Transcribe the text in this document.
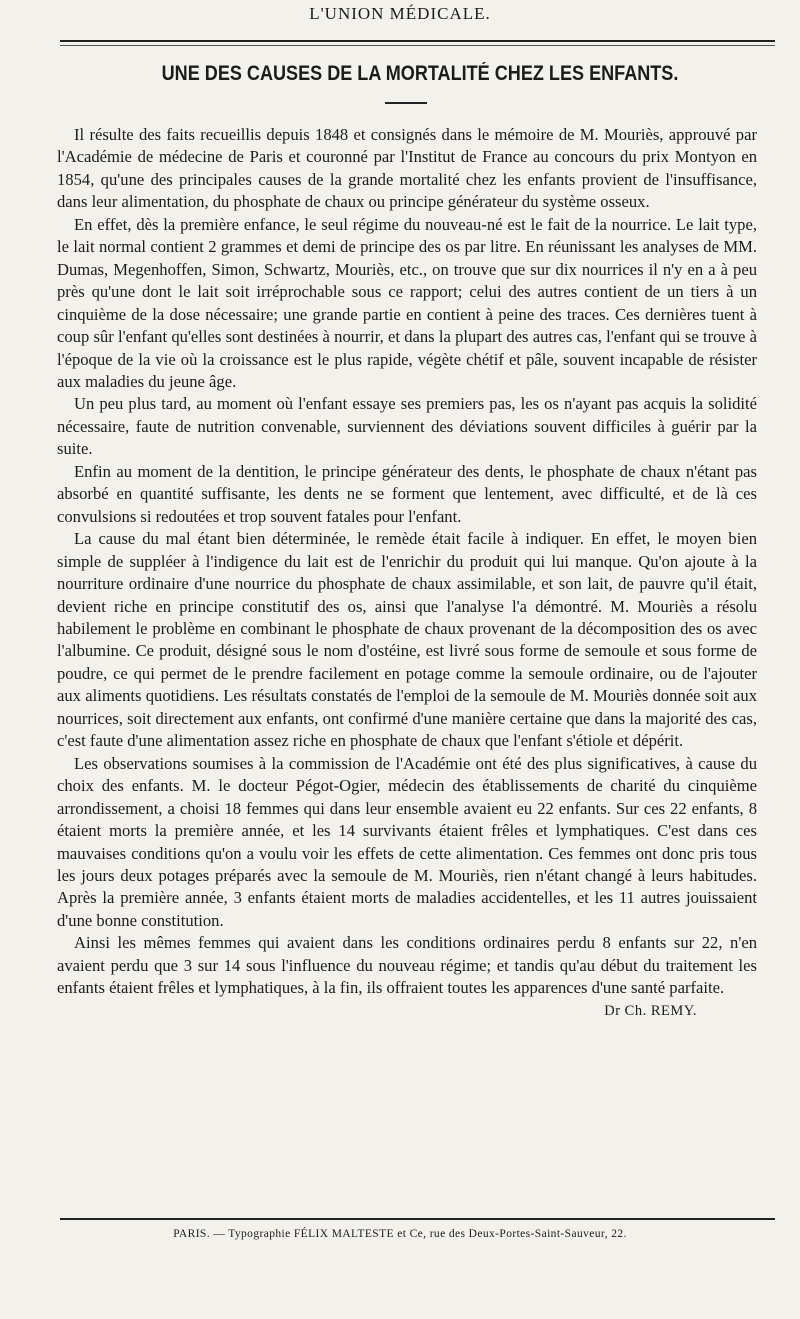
L'UNION MÉDICALE.
UNE DES CAUSES DE LA MORTALITÉ CHEZ LES ENFANTS.

Il résulte des faits recueillis depuis 1848 et consignés dans le mémoire de M. Mouriès, approuvé par l'Académie de médecine de Paris et couronné par l'Institut de France au concours du prix Montyon en 1854, qu'une des principales causes de la grande mortalité chez les enfants provient de l'insuffisance, dans leur alimentation, du phosphate de chaux ou principe générateur du système osseux.

En effet, dès la première enfance, le seul régime du nouveau-né est le fait de la nourrice. Le lait type, le lait normal contient 2 grammes et demi de principe des os par litre. En réunissant les analyses de MM. Dumas, Megenhoffen, Simon, Schwartz, Mouriès, etc., on trouve que sur dix nourrices il n'y en a à peu près qu'une dont le lait soit irréprochable sous ce rapport; celui des autres contient de un tiers à un cinquième de la dose nécessaire; une grande partie en contient à peine des traces. Ces dernières tuent à coup sûr l'enfant qu'elles sont destinées à nourrir, et dans la plupart des autres cas, l'enfant qui se trouve à l'époque de la vie où la croissance est le plus rapide, végète chétif et pâle, souvent incapable de résister aux maladies du jeune âge.

Un peu plus tard, au moment où l'enfant essaye ses premiers pas, les os n'ayant pas acquis la solidité nécessaire, faute de nutrition convenable, surviennent des déviations souvent difficiles à guérir par la suite.

Enfin au moment de la dentition, le principe générateur des dents, le phosphate de chaux n'étant pas absorbé en quantité suffisante, les dents ne se forment que lentement, avec difficulté, et de là ces convulsions si redoutées et trop souvent fatales pour l'enfant.

La cause du mal étant bien déterminée, le remède était facile à indiquer. En effet, le moyen bien simple de suppléer à l'indigence du lait est de l'enrichir du produit qui lui manque. Qu'on ajoute à la nourriture ordinaire d'une nourrice du phosphate de chaux assimilable, et son lait, de pauvre qu'il était, devient riche en principe constitutif des os, ainsi que l'analyse l'a démontré. M. Mouriès a résolu habilement le problème en combinant le phosphate de chaux provenant de la décomposition des os avec l'albumine. Ce produit, désigné sous le nom d'ostéine, est livré sous forme de semoule et sous forme de poudre, ce qui permet de le prendre facilement en potage comme la semoule ordinaire, ou de l'ajouter aux aliments quotidiens. Les résultats constatés de l'emploi de la semoule de M. Mouriès donnée soit aux nourrices, soit directement aux enfants, ont confirmé d'une manière certaine que dans la majorité des cas, c'est faute d'une alimentation assez riche en phosphate de chaux que l'enfant s'étiole et dépérit.

Les observations soumises à la commission de l'Académie ont été des plus significatives, à cause du choix des enfants. M. le docteur Pégot-Ogier, médecin des établissements de charité du cinquième arrondissement, a choisi 18 femmes qui dans leur ensemble avaient eu 22 enfants. Sur ces 22 enfants, 8 étaient morts la première année, et les 14 survivants étaient frêles et lymphatiques. C'est dans ces mauvaises conditions qu'on a voulu voir les effets de cette alimentation. Ces femmes ont donc pris tous les jours deux potages préparés avec la semoule de M. Mouriès, rien n'étant changé à leurs habitudes. Après la première année, 3 enfants étaient morts de maladies accidentelles, et les 11 autres jouissaient d'une bonne constitution.

Ainsi les mêmes femmes qui avaient dans les conditions ordinaires perdu 8 enfants sur 22, n'en avaient perdu que 3 sur 14 sous l'influence du nouveau régime; et tandis qu'au début du traitement les enfants étaient frêles et lymphatiques, à la fin, ils offraient toutes les apparences d'une santé parfaite.

Dr Ch. REMY.

PARIS. — Typographie FÉLIX MALTESTE et Ce, rue des Deux-Portes-Saint-Sauveur, 22.
